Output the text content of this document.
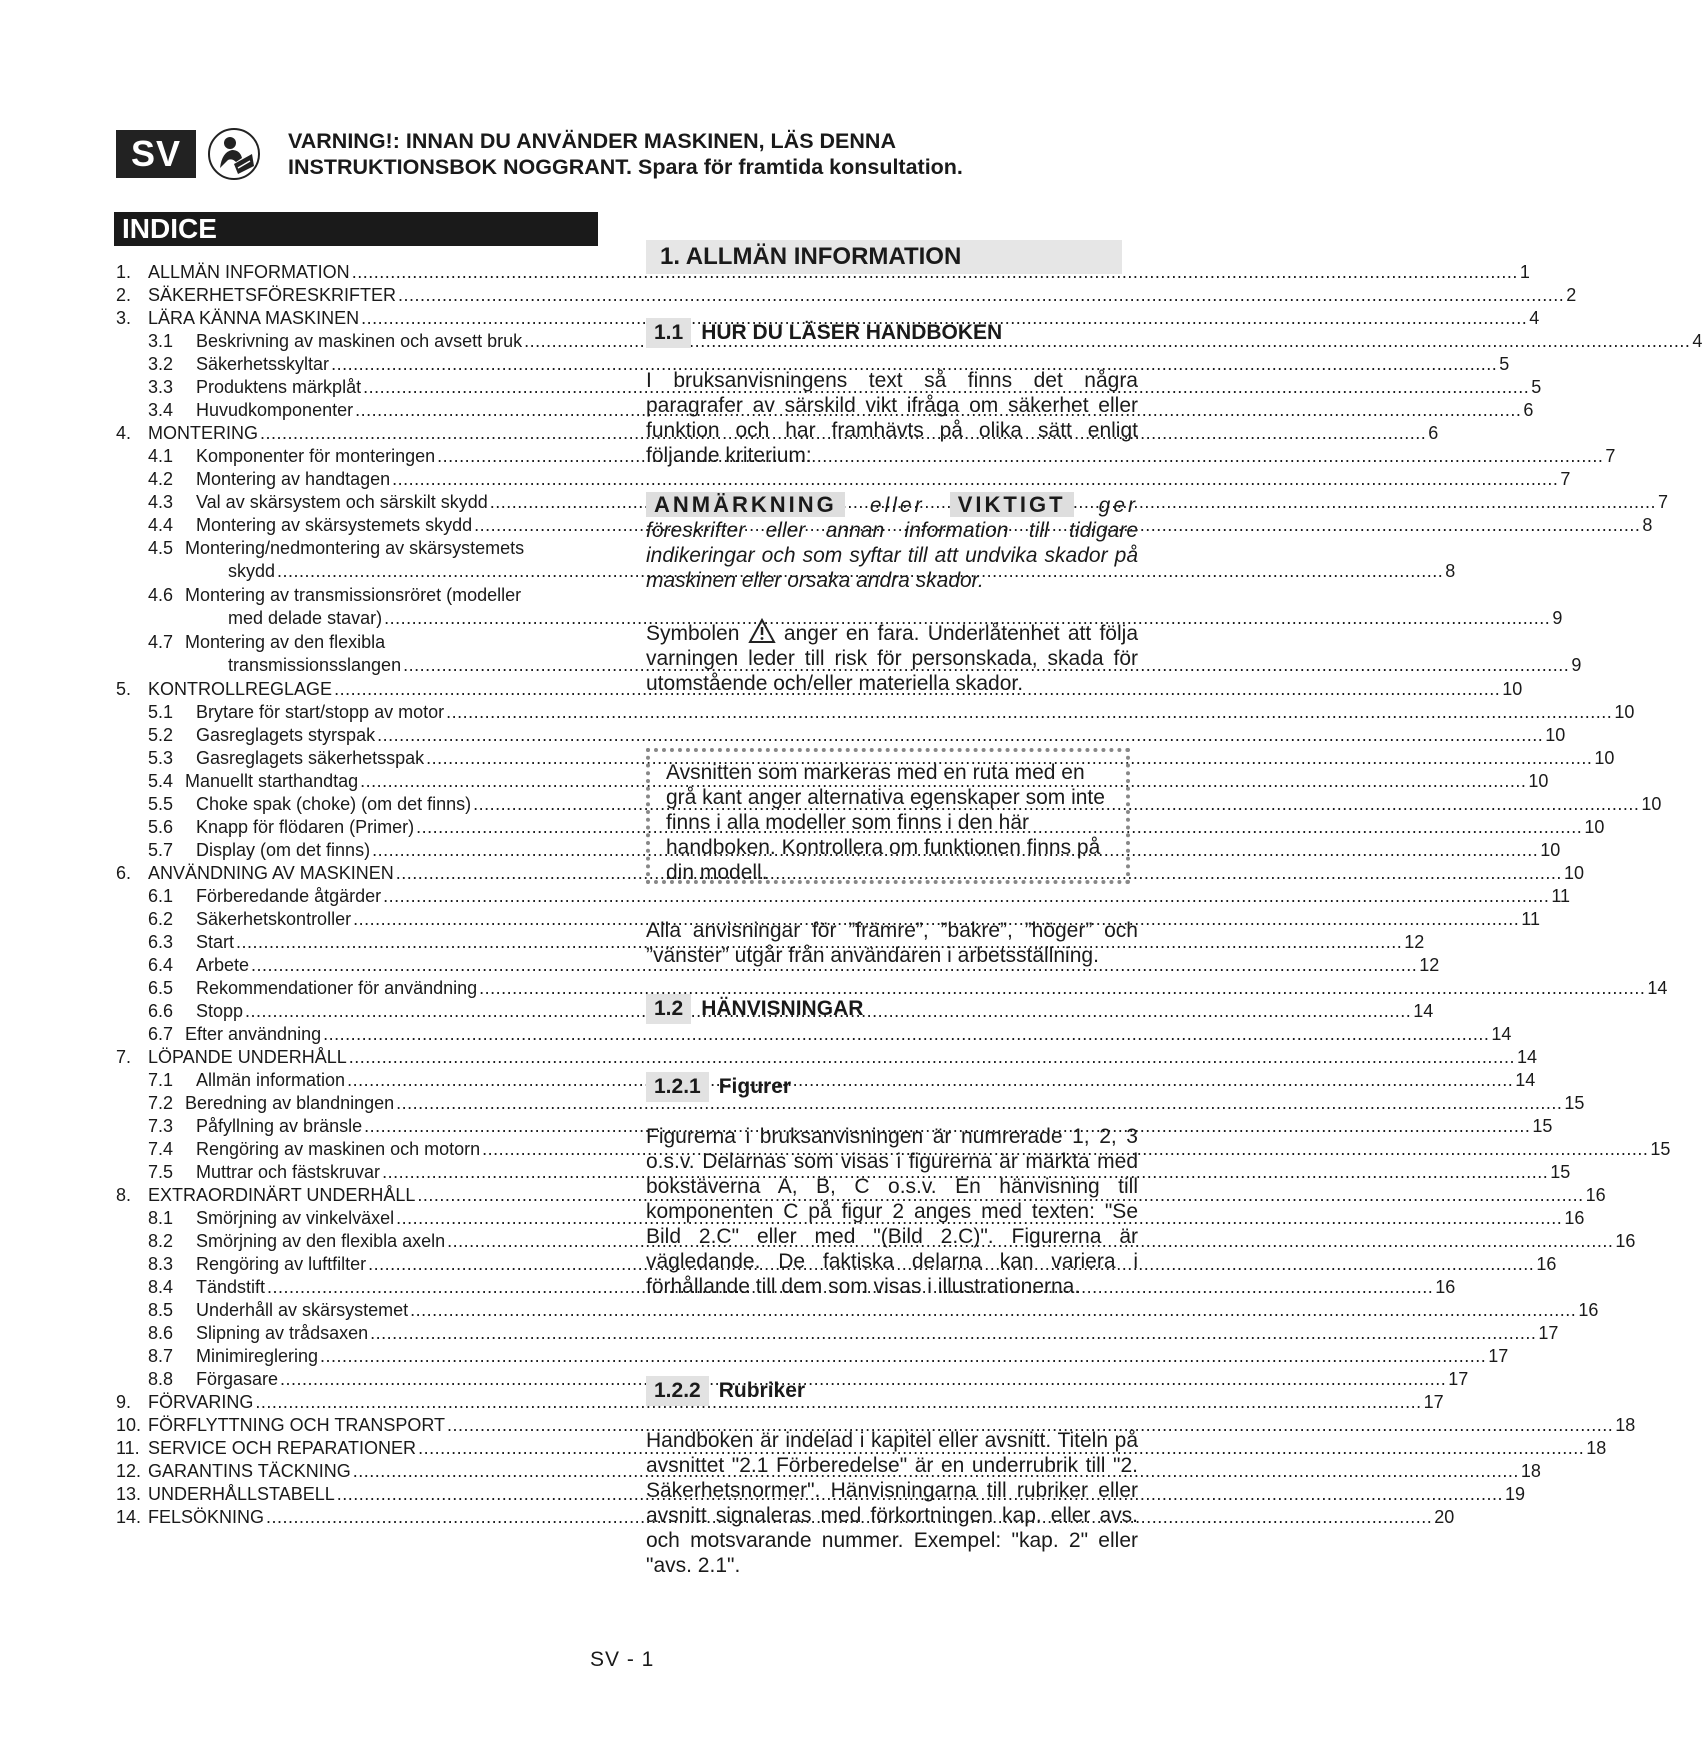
SV	VARNING!: INNAN DU ANVÄNDER MASKINEN, LÄS DENNA
INSTRUKTIONSBOK NOGGRANT. Spara för framtida konsultation.
INDICE
1. ALLMÄN INFORMATION .....	1
2. SÄKERHETSFÖRESKRIFTER .....	2
3. LÄRA KÄNNA MASKINEN .....	4
3.1	Beskrivning av maskinen och avsett bruk .....	4
3.2	Säkerhetsskyltar .....	5
3.3	Produktens märkplåt .....	5
3.4	Huvudkomponenter .....	6
4. MONTERING .....	6
4.1	Komponenter för monteringen .....	7
4.2	Montering av handtagen .....	7
4.3	Val av skärsystem och särskilt skydd .....	7
4.4	Montering av skärsystemets skydd .....	8
4.5 Montering/nedmontering av skärsystemets
skydd .....	8
4.6 Montering av transmissionsröret (modeller
med delade stavar) .....	9
4.7 Montering av den flexibla
transmissionsslangen .....	9
5. KONTROLLREGLAGE .....	10
5.1	Brytare för start/stopp av motor .....	10
5.2	Gasreglagets styrspak .....	10
5.3	Gasreglagets säkerhetsspak .....	10
5.4 Manuellt starthandtag .....	10
5.5	Choke spak (choke) (om det finns) .....	10
5.6	Knapp för flödaren (Primer) .....	10
5.7	Display (om det finns) .....	10
6. ANVÄNDNING AV MASKINEN .....	10
6.1	Förberedande åtgärder .....	11
6.2	Säkerhetskontroller .....	11
6.3	Start .....	12
6.4	Arbete .....	12
6.5	Rekommendationer för användning .....	14
6.6	Stopp .....	14
6.7 Efter användning .....	14
7. LÖPANDE UNDERHÅLL .....	14
7.1	Allmän information .....	14
7.2 Beredning av blandningen .....	15
7.3	Påfyllning av bränsle .....	15
7.4	Rengöring av maskinen och motorn .....	15
7.5	Muttrar och fästskruvar .....	15
8. EXTRAORDINÄRT UNDERHÅLL .....	16
8.1	Smörjning av vinkelväxel .....	16
8.2	Smörjning av den flexibla axeln .....	16
8.3	Rengöring av luftfilter .....	16
8.4	Tändstift .....	16
8.5	Underhåll av skärsystemet .....	16
8.6	Slipning av trådsaxen .....	17
8.7	Minimireglering .....	17
8.8	Förgasare .....	17
9. FÖRVARING .....	17
10. FÖRFLYTTNING OCH TRANSPORT .....	18
11. SERVICE OCH REPARATIONER .....	18
12. GARANTINS TÄCKNING .....	18
13. UNDERHÅLLSTABELL .....	19
14. FELSÖKNING .....	20
1. ALLMÄN INFORMATION
1.1 HUR DU LÄSER HANDBOKEN
I bruksanvisningens text så finns det några paragrafer av särskild vikt ifråga om säkerhet eller funktion och har framhävts på olika sätt enligt följande kriterium:
ANMÄRKNING eller VIKTIGT ger föreskrifter eller annan information till tidigare indikeringar och som syftar till att undvika skador på maskinen eller orsaka andra skador.
Symbolen anger en fara. Underlåtenhet att följa varningen leder till risk för personskada, skada för utomstående och/eller materiella skador.
Avsnitten som markeras med en ruta med en grå kant anger alternativa egenskaper som inte finns i alla modeller som finns i den här handboken. Kontrollera om funktionen finns på din modell.
Alla anvisningar för ”främre”, ”bakre”, ”höger” och ”vänster” utgår från användaren i arbetsställning.
1.2 HÄNVISNINGAR
1.2.1 Figurer
Figurerna i bruksanvisningen är numrerade 1, 2, 3 o.s.v. Delarnas som visas i figurerna är märkta med bokstäverna A, B, C o.s.v. En hänvisning till komponenten C på figur 2 anges med texten: "Se Bild 2.C" eller med "(Bild 2.C)". Figurerna är vägledande. De faktiska delarna kan variera i förhållande till dem som visas i illustrationerna.
1.2.2 Rubriker
Handboken är indelad i kapitel eller avsnitt. Titeln på avsnittet "2.1 Förberedelse" är en underrubrik till "2. Säkerhetsnormer". Hänvisningarna till rubriker eller avsnitt signaleras med förkortningen kap. eller avs. och motsvarande nummer. Exempel: "kap. 2" eller "avs. 2.1".
SV - 1
